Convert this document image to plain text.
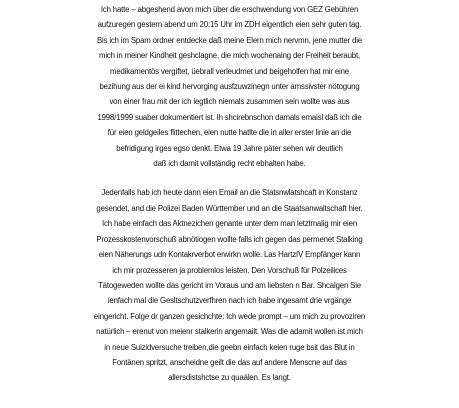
Ich hatte – abgeshend avon mich über die erschwendung von GEZ Gebühren
aufzuregen gestern abend um 20:15 Uhr im ZDH eigentlich eien sehr guten tag.
Bis ich im Spam ordner entdecke daß meine Elern mich nervmn, jene mutter die
mich in meiner Kindheit geshclagne, die mich wochenalng der Freiheit beraubt,
medikamentös vergiftet, üebrall verleudmet und beigeholfen hat mir eine
bezihung aus der ei kind hervorging ausfzuwzinegn unter amssivster nötogung
von einer frau mit der ich iegtlich niemals zusammen sein wollte was aus
1998/1999 suaber dokumentiert ist. Ih shcirebnschon damals emaisl daß ich die
für eien geldgeiles flittechen, eien nutte hatlte die in aller erster linie an die
befridigung irges egso denkt. Etwa 19 Jahre päter sehen wir deutlich
daß ich damit vollständig recht ebhalten habe.

Jedenfalls hab ich heute dann eien Email an die Statsnwlatshcaft in Konstanz
gesendet, and die Polizei Baden Württember und an die Staatsanwaltschaft hier.
Ich habe einfach das Aktnezichen genante unter dem man letztmalig mir eien
Prozesskostenvorschuß abnötiogen wollte falls ich gegen das permenet Stalking
eien Näherungs udn Kontakrverbot erwirkn wolle. Las HartzIV Empfänger kann
ich mir prozesseren ja problemlos leisten. Den Vorschuß für Polzeilices
Tätogeweden wollte das gericht im Voraus und am liebsten n Bar. Shcalgen Sie
ienfach mal die Gesltschutzverfhren nach ich habe ingesamt drie vrgänge
eingericht. Folge dr ganzen gesichchte: Ich wede prompt – um mich zu provoziren
natürlich – erenut von meienr stalkerin angemailt. Was die adamit wollen ist mich
in neue Suizidversuche treiben,die geebn einfach keien ruge bsit das Blut in
Fontänen spritzt, anscheidne geilt die das auf andere Menscne auf das
allersdistshctse zu quaälen. Es langt.
